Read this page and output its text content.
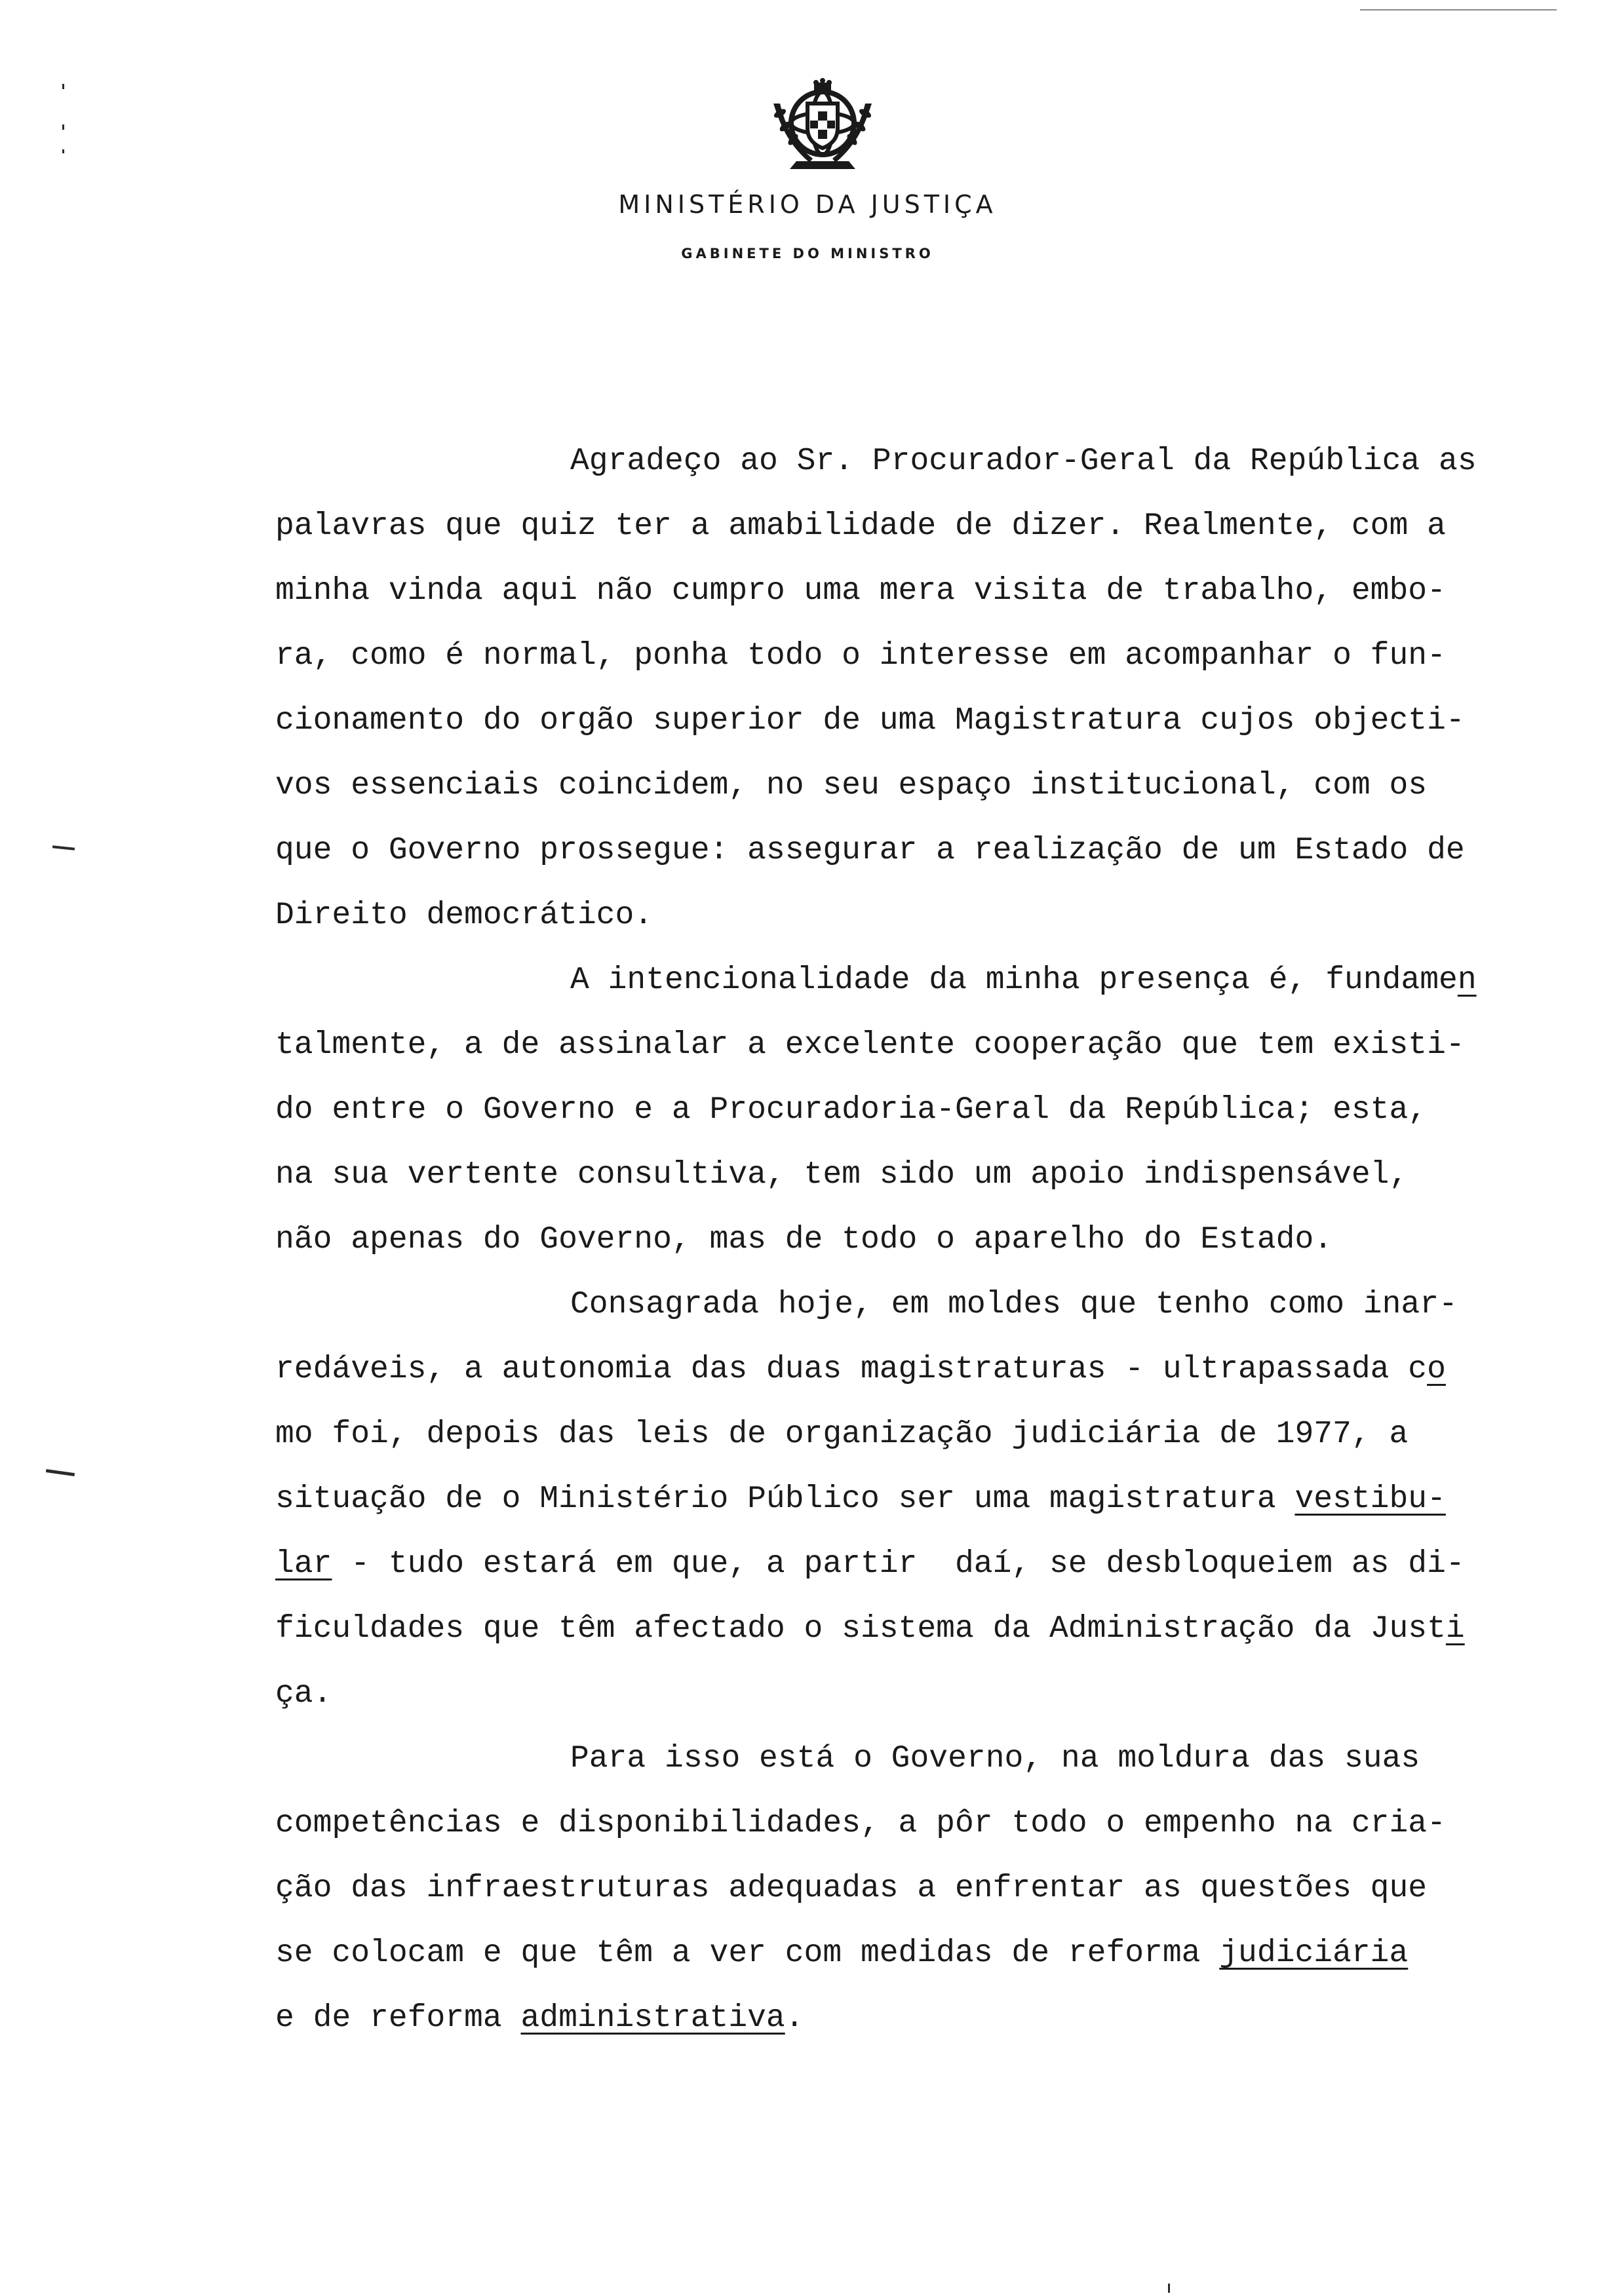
MINISTÉRIO DA JUSTIÇA
GABINETE DO MINISTRO
Agradeço ao Sr. Procurador-Geral da República as
palavras que quiz ter a amabilidade de dizer. Realmente, com a
minha vinda aqui não cumpro uma mera visita de trabalho, embo-
ra, como é normal, ponha todo o interesse em acompanhar o fun-
cionamento do orgão superior de uma Magistratura cujos objecti-
vos essenciais coincidem, no seu espaço institucional, com os
que o Governo prossegue: assegurar a realização de um Estado de
Direito democrático.
A intencionalidade da minha presença é, fundamen
talmente, a de assinalar a excelente cooperação que tem existi-
do entre o Governo e a Procuradoria-Geral da República; esta,
na sua vertente consultiva, tem sido um apoio indispensável,
não apenas do Governo, mas de todo o aparelho do Estado.
Consagrada hoje, em moldes que tenho como inar-
redáveis, a autonomia das duas magistraturas - ultrapassada co
mo foi, depois das leis de organização judiciária de 1977, a
situação de o Ministério Público ser uma magistratura vestibu-
lar - tudo estará em que, a partir  daí, se desbloqueiem as di-
ficuldades que têm afectado o sistema da Administração da Justi
ça.
Para isso está o Governo, na moldura das suas
competências e disponibilidades, a pôr todo o empenho na cria-
ção das infraestruturas adequadas a enfrentar as questões que
se colocam e que têm a ver com medidas de reforma judiciária
e de reforma administrativa.
